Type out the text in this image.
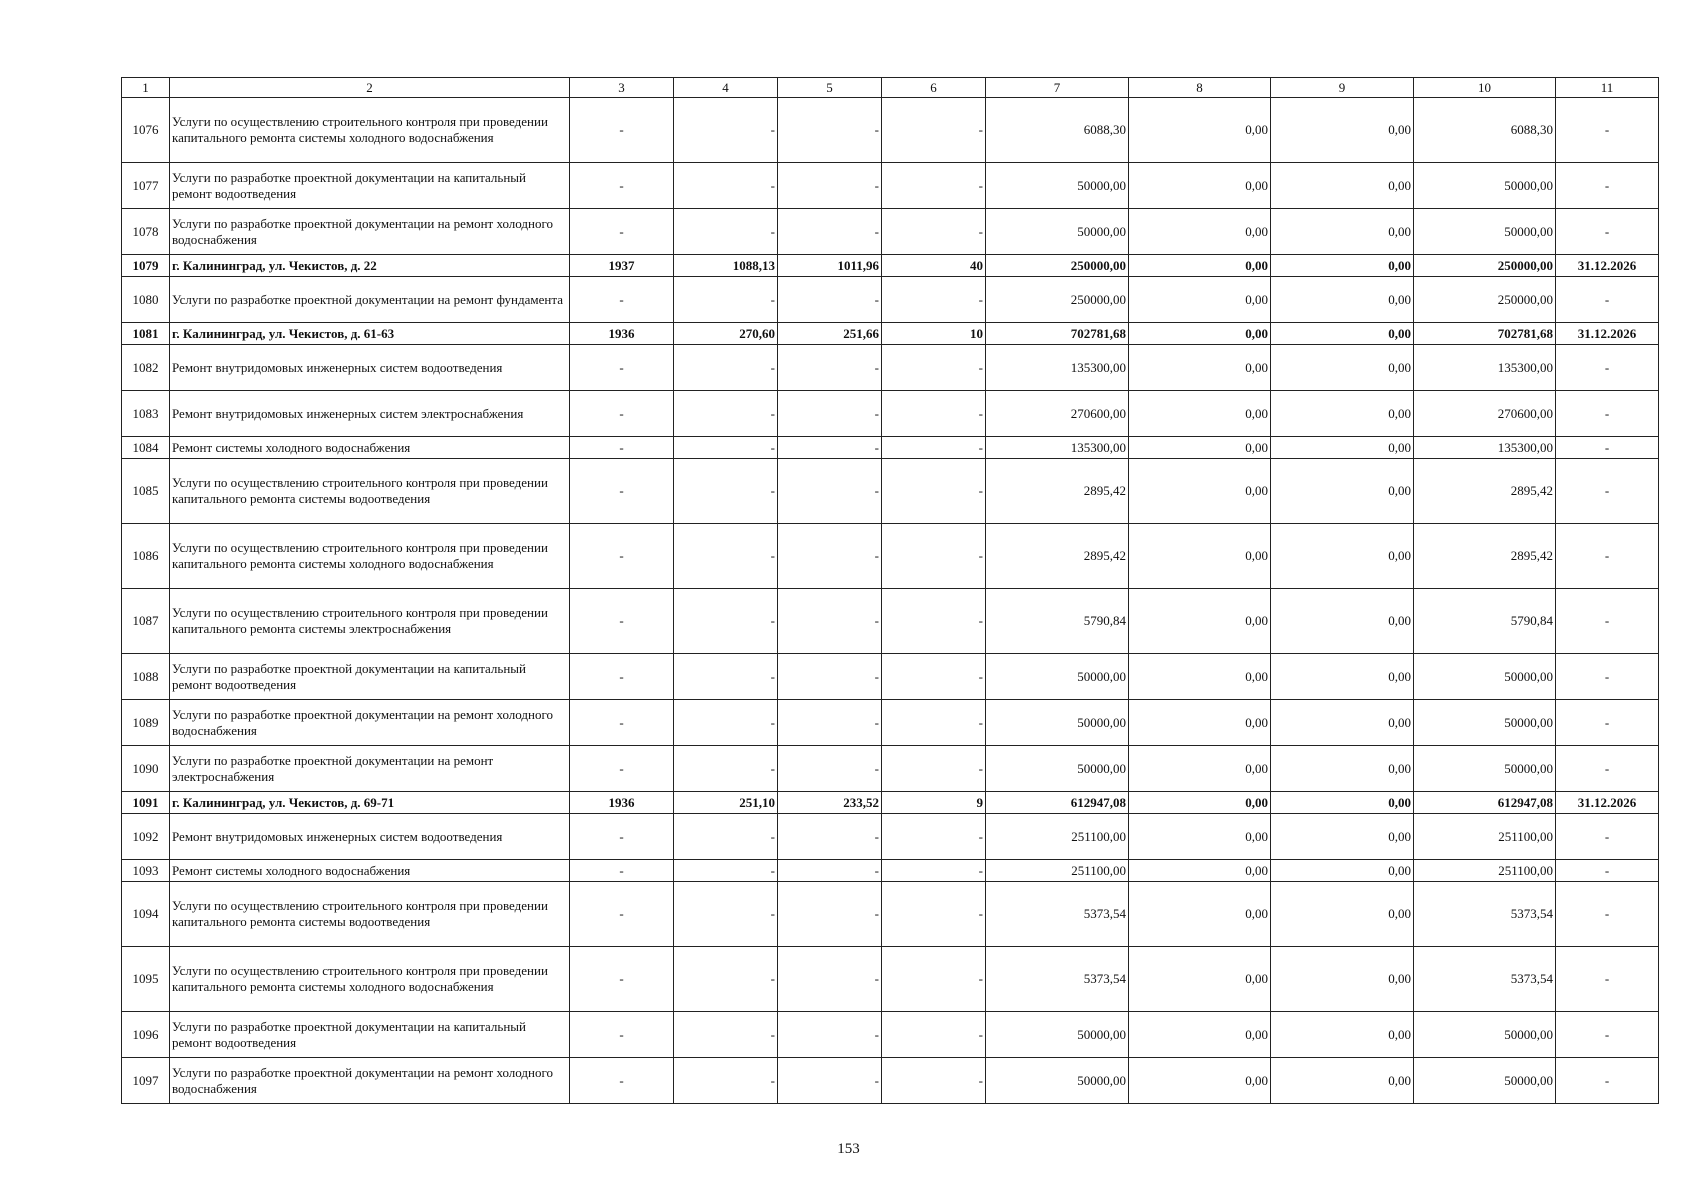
1	2	3	4	5	6	7	8	9	10	11
1076	Услуги по осуществлению строительного контроля при проведении капитального ремонта системы холодного водоснабжения	-	-	-	-	6088,30	0,00	0,00	6088,30	-
1077	Услуги по разработке проектной документации на капитальный ремонт водоотведения	-	-	-	-	50000,00	0,00	0,00	50000,00	-
1078	Услуги по разработке проектной документации на ремонт холодного водоснабжения	-	-	-	-	50000,00	0,00	0,00	50000,00	-
1079	г. Калининград, ул. Чекистов, д. 22	1937	1088,13	1011,96	40	250000,00	0,00	0,00	250000,00	31.12.2026
1080	Услуги по разработке проектной документации на ремонт фундамента	-	-	-	-	250000,00	0,00	0,00	250000,00	-
1081	г. Калининград, ул. Чекистов, д. 61-63	1936	270,60	251,66	10	702781,68	0,00	0,00	702781,68	31.12.2026
1082	Ремонт внутридомовых инженерных систем водоотведения	-	-	-	-	135300,00	0,00	0,00	135300,00	-
1083	Ремонт внутридомовых инженерных систем электроснабжения	-	-	-	-	270600,00	0,00	0,00	270600,00	-
1084	Ремонт системы холодного водоснабжения	-	-	-	-	135300,00	0,00	0,00	135300,00	-
1085	Услуги по осуществлению строительного контроля при проведении капитального ремонта системы водоотведения	-	-	-	-	2895,42	0,00	0,00	2895,42	-
1086	Услуги по осуществлению строительного контроля при проведении капитального ремонта системы холодного водоснабжения	-	-	-	-	2895,42	0,00	0,00	2895,42	-
1087	Услуги по осуществлению строительного контроля при проведении капитального ремонта системы электроснабжения	-	-	-	-	5790,84	0,00	0,00	5790,84	-
1088	Услуги по разработке проектной документации на капитальный ремонт водоотведения	-	-	-	-	50000,00	0,00	0,00	50000,00	-
1089	Услуги по разработке проектной документации на ремонт холодного водоснабжения	-	-	-	-	50000,00	0,00	0,00	50000,00	-
1090	Услуги по разработке проектной документации на ремонт электроснабжения	-	-	-	-	50000,00	0,00	0,00	50000,00	-
1091	г. Калининград, ул. Чекистов, д. 69-71	1936	251,10	233,52	9	612947,08	0,00	0,00	612947,08	31.12.2026
1092	Ремонт внутридомовых инженерных систем водоотведения	-	-	-	-	251100,00	0,00	0,00	251100,00	-
1093	Ремонт системы холодного водоснабжения	-	-	-	-	251100,00	0,00	0,00	251100,00	-
1094	Услуги по осуществлению строительного контроля при проведении капитального ремонта системы водоотведения	-	-	-	-	5373,54	0,00	0,00	5373,54	-
1095	Услуги по осуществлению строительного контроля при проведении капитального ремонта системы холодного водоснабжения	-	-	-	-	5373,54	0,00	0,00	5373,54	-
1096	Услуги по разработке проектной документации на капитальный ремонт водоотведения	-	-	-	-	50000,00	0,00	0,00	50000,00	-
1097	Услуги по разработке проектной документации на ремонт холодного водоснабжения	-	-	-	-	50000,00	0,00	0,00	50000,00	-
153
